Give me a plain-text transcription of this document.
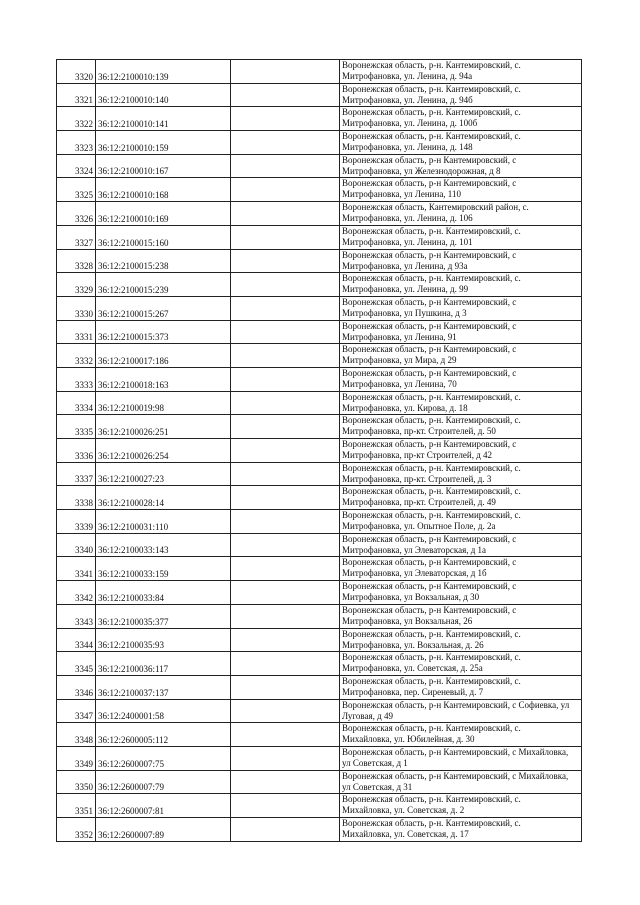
3320	36:12:2100010:139		Воронежская область, р-н. Кантемировский, с.
Митрофановка, ул. Ленина, д. 94а

3321	36:12:2100010:140		Воронежская область, р-н. Кантемировский, с.
Митрофановка, ул. Ленина, д. 94б

3322	36:12:2100010:141		Воронежская область, р-н. Кантемировский, с.
Митрофановка, ул. Ленина, д. 100б

3323	36:12:2100010:159		Воронежская область, р-н. Кантемировский, с.
Митрофановка, ул. Ленина, д. 148

3324	36:12:2100010:167		Воронежская область, р-н Кантемировский, с
Митрофановка, ул Железнодорожная, д 8

3325	36:12:2100010:168		Воронежская область, р-н Кантемировский, с
Митрофановка, ул Ленина, 110

3326	36:12:2100010:169		Воронежская область, Кантемировский район, с.
Митрофановка, ул. Ленина, д. 106

3327	36:12:2100015:160		Воронежская область, р-н. Кантемировский, с.
Митрофановка, ул. Ленина, д. 101

3328	36:12:2100015:238		Воронежская область, р-н Кантемировский, с
Митрофановка, ул Ленина, д 93а

3329	36:12:2100015:239		Воронежская область, р-н. Кантемировский, с.
Митрофановка, ул. Ленина, д. 99

3330	36:12:2100015:267		Воронежская область, р-н Кантемировский, с
Митрофановка, ул Пушкина, д 3

3331	36:12:2100015:373		Воронежская область, р-н Кантемировский, с
Митрофановка, ул Ленина, 91

3332	36:12:2100017:186		Воронежская область, р-н Кантемировский, с
Митрофановка, ул Мира, д 29

3333	36:12:2100018:163		Воронежская область, р-н Кантемировский, с
Митрофановка, ул Ленина, 70

3334	36:12:2100019:98		Воронежская область, р-н. Кантемировский, с.
Митрофановка, ул. Кирова, д. 18

3335	36:12:2100026:251		Воронежская область, р-н. Кантемировский, с.
Митрофановка, пр-кт. Строителей, д. 50

3336	36:12:2100026:254		Воронежская область, р-н Кантемировский, с
Митрофановка, пр-кт Строителей, д 42

3337	36:12:2100027:23		Воронежская область, р-н. Кантемировский, с.
Митрофановка, пр-кт. Строителей, д. 3

3338	36:12:2100028:14		Воронежская область, р-н. Кантемировский, с.
Митрофановка, пр-кт. Строителей, д. 49

3339	36:12:2100031:110		Воронежская область, р-н. Кантемировский, с.
Митрофановка, ул. Опытное Поле, д. 2а

3340	36:12:2100033:143		Воронежская область, р-н Кантемировский, с
Митрофановка, ул Элеваторская, д 1а

3341	36:12:2100033:159		Воронежская область, р-н Кантемировский, с
Митрофановка, ул Элеваторская, д 1б

3342	36:12:2100033:84		Воронежская область, р-н Кантемировский, с
Митрофановка, ул Вокзальная, д 30

3343	36:12:2100035:377		Воронежская область, р-н Кантемировский, с
Митрофановка, ул Вокзальная, 26

3344	36:12:2100035:93		Воронежская область, р-н. Кантемировский, с.
Митрофановка, ул. Вокзальная, д. 26

3345	36:12:2100036:117		Воронежская область, р-н. Кантемировский, с.
Митрофановка, ул. Советская, д. 25а

3346	36:12:2100037:137		Воронежская область, р-н. Кантемировский, с.
Митрофановка, пер. Сиреневый, д. 7

3347	36:12:2400001:58		Воронежская область, р-н Кантемировский, с Софиевка, ул
Луговая, д 49

3348	36:12:2600005:112		Воронежская область, р-н. Кантемировский, с.
Михайловка, ул. Юбилейная, д. 30

3349	36:12:2600007:75		Воронежская область, р-н Кантемировский, с Михайловка,
ул Советская, д 1

3350	36:12:2600007:79		Воронежская область, р-н Кантемировский, с Михайловка,
ул Советская, д 31

3351	36:12:2600007:81		Воронежская область, р-н. Кантемировский, с.
Михайловка, ул. Советская, д. 2

3352	36:12:2600007:89		Воронежская область, р-н. Кантемировский, с.
Михайловка, ул. Советская, д. 17
